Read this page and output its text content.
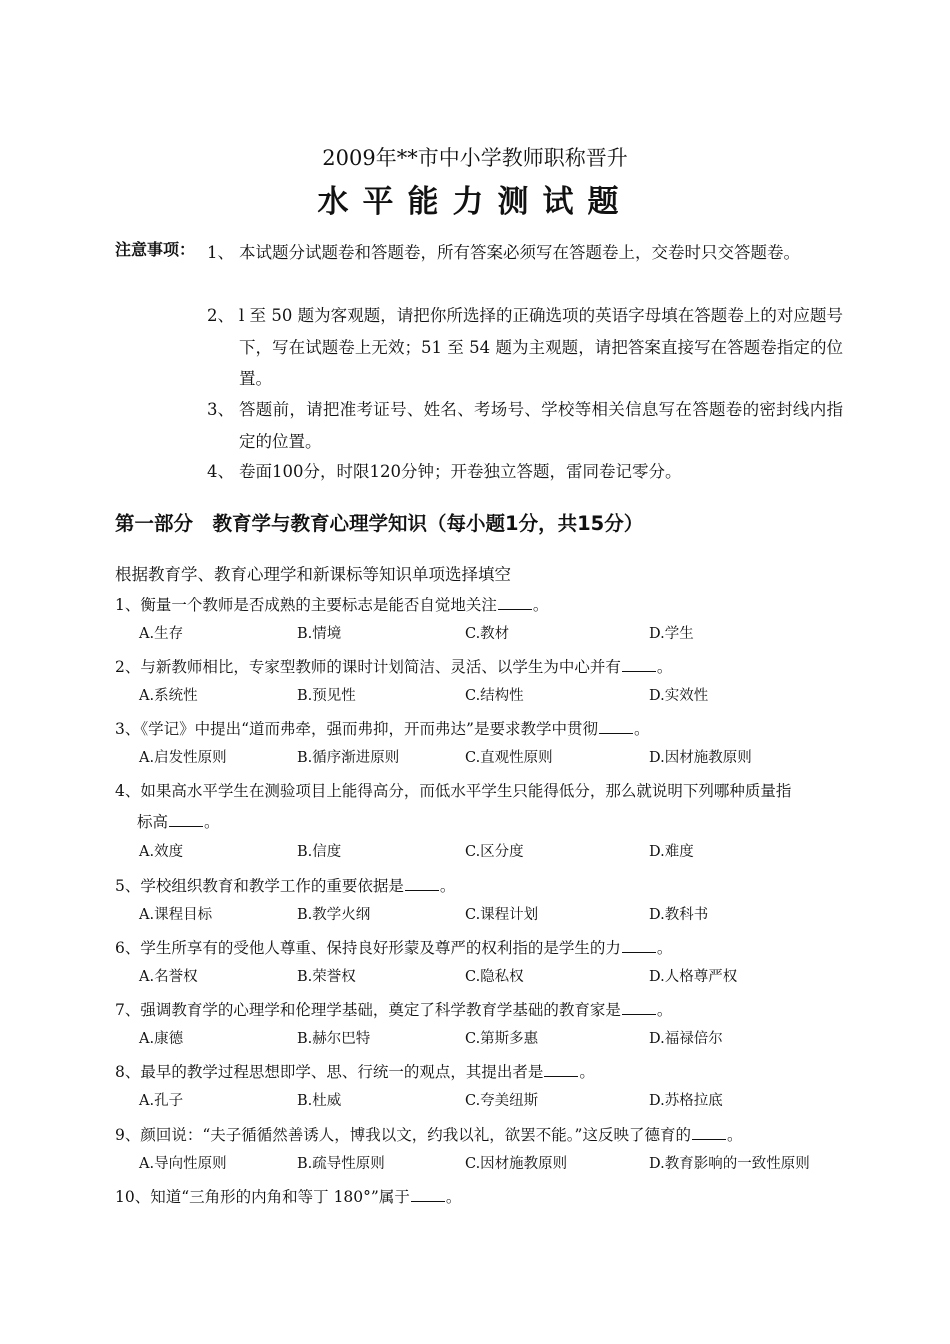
2009年**市中小学教师职称晋升
水平能力测试题
注意事项： 1、 本试题分试题卷和答题卷，所有答案必须写在答题卷上，交卷时只交答题卷。
2、 l 至 50 题为客观题，请把你所选择的正确选项的英语字母填在答题卷上的对应题号下，写在试题卷上无效；51 至 54 题为主观题，请把答案直接写在答题卷指定的位置。
3、 答题前，请把准考证号、姓名、考场号、学校等相关信息写在答题卷的密封线内指定的位置。
4、 卷面100分，时限120分钟；开卷独立答题，雷同卷记零分。
第一部分　教育学与教育心理学知识（每小题1分，共15分）
根据教育学、教育心理学和新课标等知识单项选择填空
1、衡量一个教师是否成熟的主要标志是能否自觉地关注 。
A.生存	B.情境	C.教材	D.学生
2、与新教师相比，专家型教师的课时计划简洁、灵活、以学生为中心并有 。
A.系统性	B.预见性	C.结构性	D.实效性
3、《学记》中提出“道而弗牵，强而弗抑，开而弗达”是要求教学中贯彻 。
A.启发性原则	B.循序渐进原则	C.直观性原则	D.因材施教原则
4、如果高水平学生在测验项目上能得高分，而低水平学生只能得低分，那么就说明下列哪种质量指
标高 。
A.效度	B.信度	C.区分度	D.难度
5、学校组织教育和教学工作的重要依据是 。
A.课程目标	B.教学火纲	C.课程计划	D.教科书
6、学生所享有的受他人尊重、保持良好形蒙及尊严的权利指的是学生的力 。
A.名誉权	B.荣誉权	C.隐私权	D.人格尊严权
7、强调教育学的心理学和伦理学基础，奠定了科学教育学基础的教育家是 。
A.康德	B.赫尔巴特	C.第斯多惠	D.福禄倍尔
8、最早的教学过程思想即学、思、行统一的观点，其提出者是 。
A.孔子	B.杜威	C.夸美纽斯	D.苏格拉底
9、颜回说：“夫子循循然善诱人，博我以文，约我以礼，欲罢不能。”这反映了德育的 。
A.导向性原则	B.疏导性原则	C.因材施教原则	D.教育影响的一致性原则
10、知道“三角形的内角和等丁 180°”属于 。
